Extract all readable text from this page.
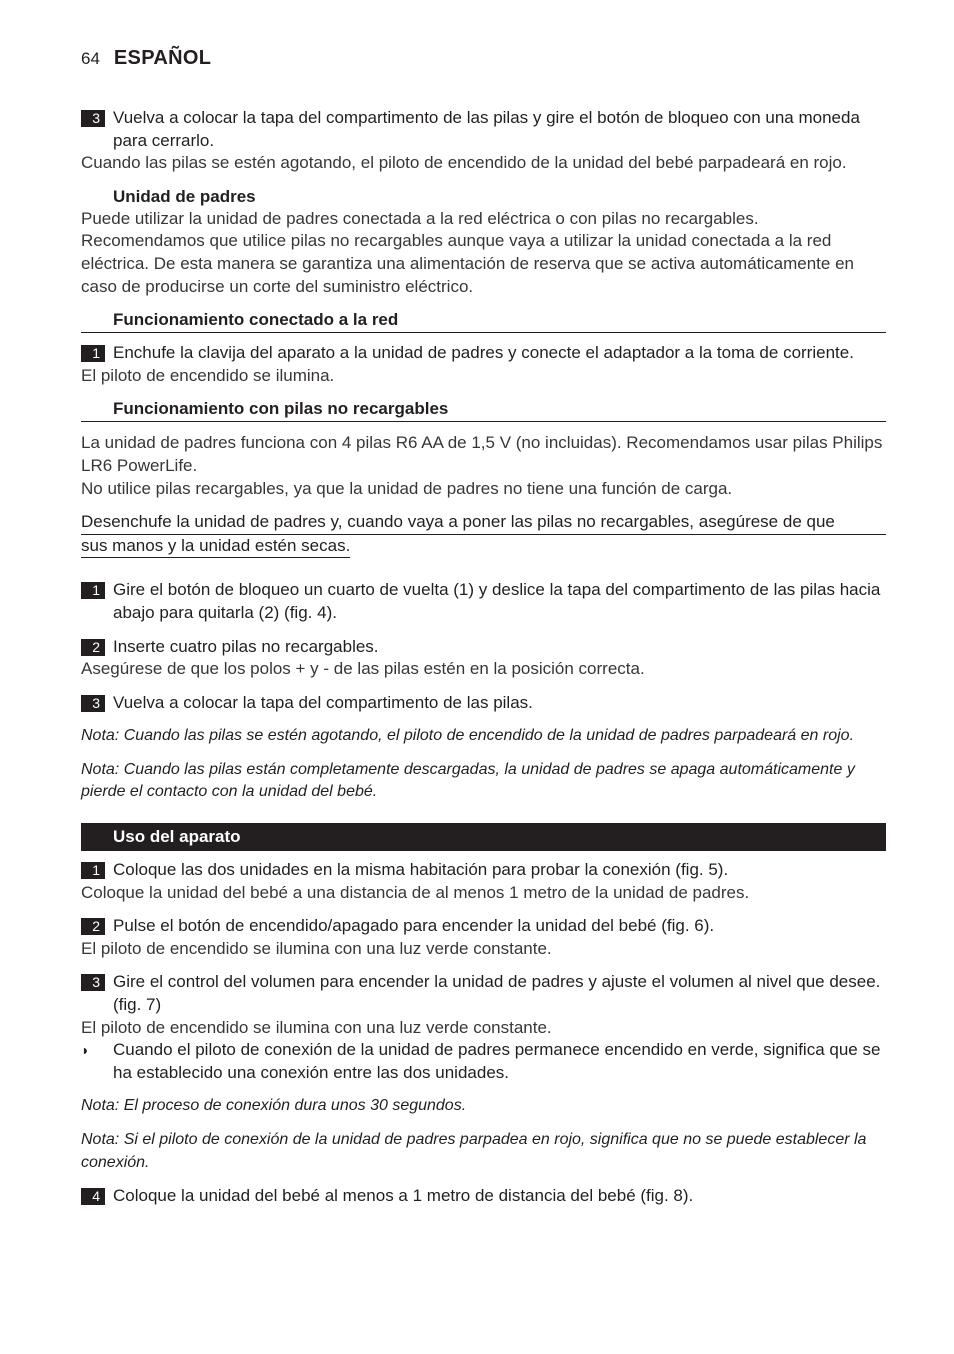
64 ESPAÑOL
3 Vuelva a colocar la tapa del compartimento de las pilas y gire el botón de bloqueo con una moneda para cerrarlo.

Cuando las pilas se estén agotando, el piloto de encendido de la unidad del bebé parpadeará en rojo.

Unidad de padres

Puede utilizar la unidad de padres conectada a la red eléctrica o con pilas no recargables.

Recomendamos que utilice pilas no recargables aunque vaya a utilizar la unidad conectada a la red eléctrica. De esta manera se garantiza una alimentación de reserva que se activa automáticamente en caso de producirse un corte del suministro eléctrico.

Funcionamiento conectado a la red

1 Enchufe la clavija del aparato a la unidad de padres y conecte el adaptador a la toma de corriente.

El piloto de encendido se ilumina.

Funcionamiento con pilas no recargables

La unidad de padres funciona con 4 pilas R6 AA de 1,5 V (no incluidas). Recomendamos usar pilas Philips LR6 PowerLife.

No utilice pilas recargables, ya que la unidad de padres no tiene una función de carga.

Desenchufe la unidad de padres y, cuando vaya a poner las pilas no recargables, asegúrese de que
sus manos y la unidad estén secas.
1 Gire el botón de bloqueo un cuarto de vuelta (1) y deslice la tapa del compartimento de las pilas hacia abajo para quitarla (2) (fig. 4).
2 Inserte cuatro pilas no recargables.

Asegúrese de que los polos + y - de las pilas estén en la posición correcta.

3 Vuelva a colocar la tapa del compartimento de las pilas.

Nota: Cuando las pilas se estén agotando, el piloto de encendido de la unidad de padres parpadeará en rojo.

Nota: Cuando las pilas están completamente descargadas, la unidad de padres se apaga automáticamente y pierde el contacto con la unidad del bebé.

Uso del aparato

1 Coloque las dos unidades en la misma habitación para probar la conexión (fig. 5).

Coloque la unidad del bebé a una distancia de al menos 1 metro de la unidad de padres.

2 Pulse el botón de encendido/apagado para encender la unidad del bebé (fig. 6).

El piloto de encendido se ilumina con una luz verde constante.

3 Gire el control del volumen para encender la unidad de padres y ajuste el volumen al nivel que desee. (fig. 7)

El piloto de encendido se ilumina con una luz verde constante.

◗ Cuando el piloto de conexión de la unidad de padres permanece encendido en verde, significa que se ha establecido una conexión entre las dos unidades.

Nota: El proceso de conexión dura unos 30 segundos.

Nota: Si el piloto de conexión de la unidad de padres parpadea en rojo, significa que no se puede establecer la conexión.

4 Coloque la unidad del bebé al menos a 1 metro de distancia del bebé (fig. 8).
